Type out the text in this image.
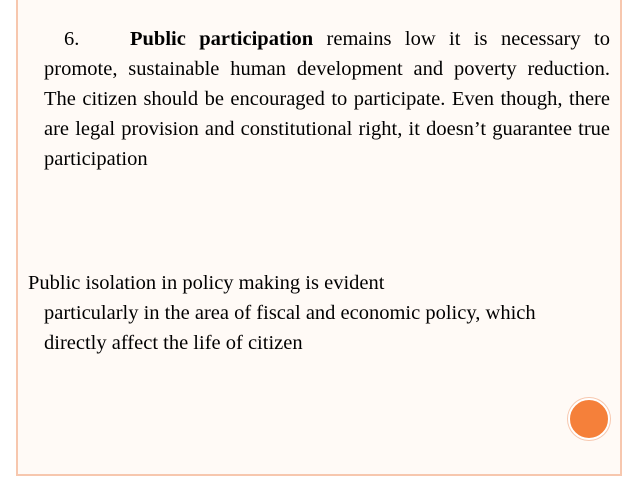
6. Public participation remains low it is necessary to promote, sustainable human development and poverty reduction. The citizen should be encouraged to participate. Even though, there are legal provision and constitutional right, it doesn’t guarantee true participation

Public isolation in policy making is evident
particularly in the area of fiscal and economic policy, which directly affect the life of citizen
